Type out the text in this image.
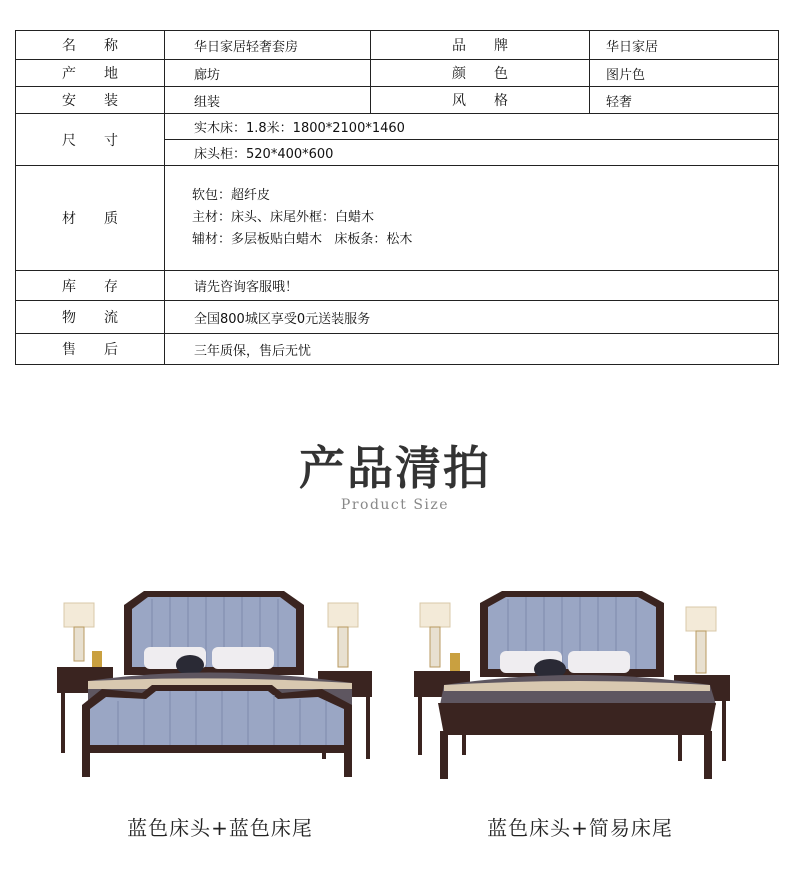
名称	华日家居轻奢套房	品牌	华日家居
产地	廊坊	颜色	图片色
安装	组装	风格	轻奢
尺寸	实木床：1.8米：1800*2100*1460		
	床头柜：520*400*600		
材质	软包：超纤皮
主材：床头、床尾外框：白蜡木
辅材：多层板贴白蜡木   床板条：松木		

库存	请先咨询客服哦！		
物流	全国800城区享受0元送装服务		
售后	三年质保，售后无忧		
产品清拍
Product Size
蓝色床头+蓝色床尾	蓝色床头+简易床尾
